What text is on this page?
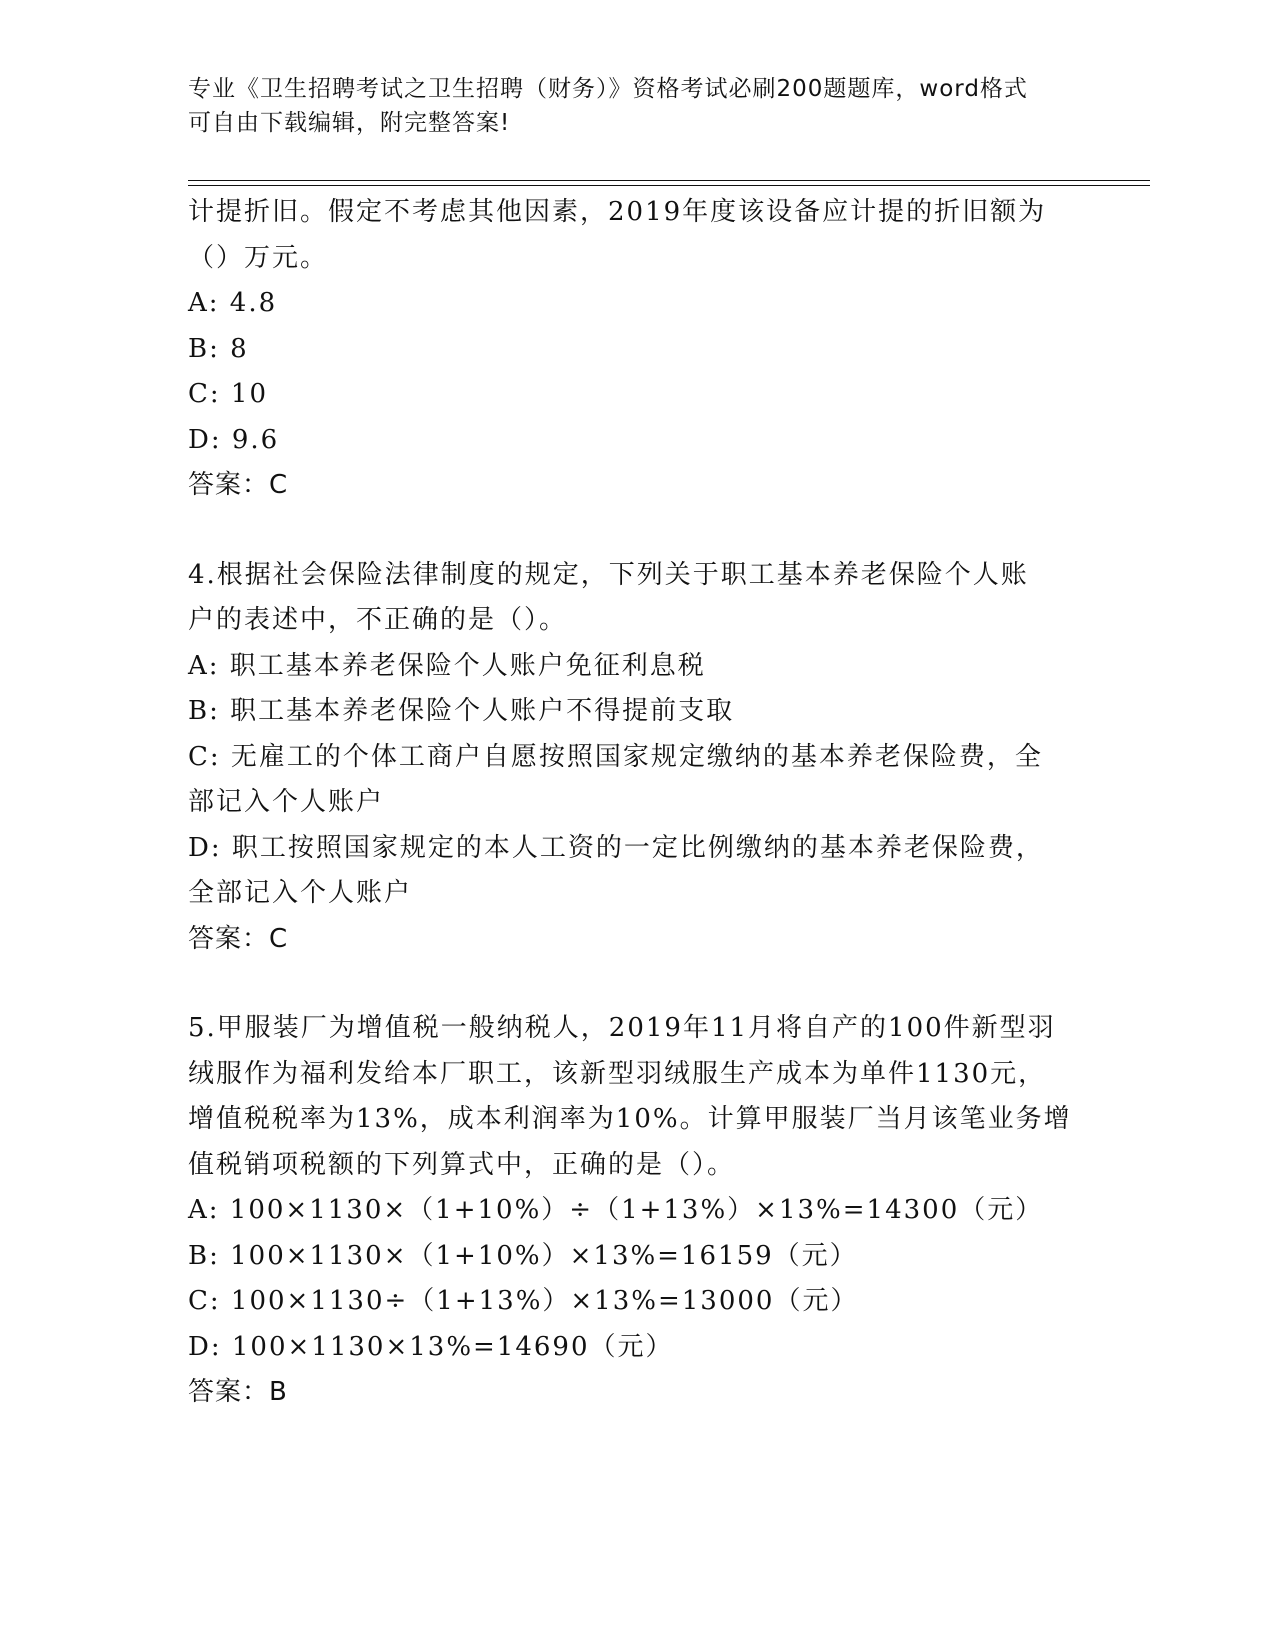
专业《卫生招聘考试之卫生招聘（财务）》资格考试必刷200题题库，word格式

可自由下载编辑，附完整答案!

计提折旧。假定不考虑其他因素，2019年度该设备应计提的折旧额为
（）万元。
A: 4.8
B: 8
C: 10
D: 9.6
答案：C
4.根据社会保险法律制度的规定，下列关于职工基本养老保险个人账
户的表述中，不正确的是（）。
A: 职工基本养老保险个人账户免征利息税
B: 职工基本养老保险个人账户不得提前支取
C: 无雇工的个体工商户自愿按照国家规定缴纳的基本养老保险费，全
部记入个人账户
D: 职工按照国家规定的本人工资的一定比例缴纳的基本养老保险费，
全部记入个人账户
答案：C
5.甲服装厂为增值税一般纳税人，2019年11月将自产的100件新型羽
绒服作为福利发给本厂职工，该新型羽绒服生产成本为单件1130元，
增值税税率为13%，成本利润率为10%。计算甲服装厂当月该笔业务增
值税销项税额的下列算式中，正确的是（）。
A: 100×1130×（1+10%）÷（1+13%）×13%=14300（元）
B: 100×1130×（1+10%）×13%=16159（元）
C: 100×1130÷（1+13%）×13%=13000（元）
D: 100×1130×13%=14690（元）
答案：B
